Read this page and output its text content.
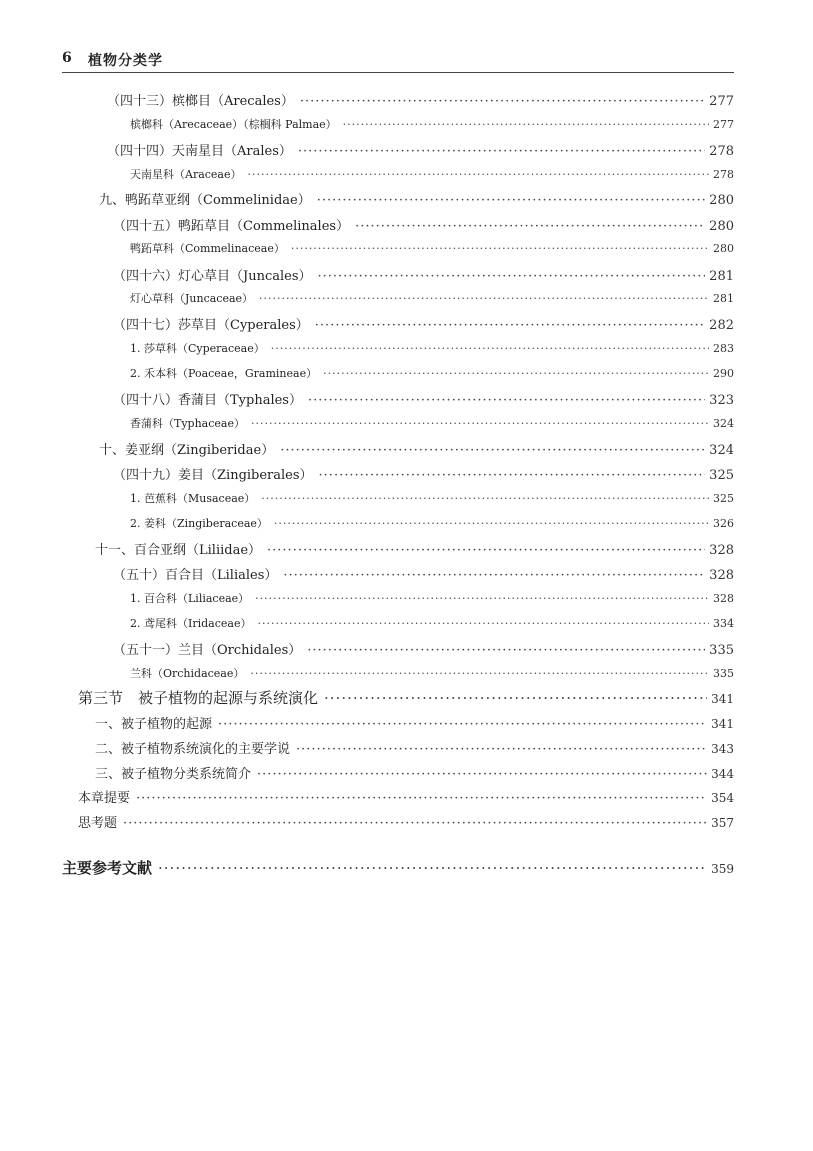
6 植物分类学
（四十三）槟榔目（Arecales） ·····	277
槟榔科（Arecaceae）（棕榈科 Palmae） ·····	277
（四十四）天南星目（Arales） ·····	278
天南星科（Araceae） ·····	278
九、鸭跖草亚纲（Commelinidae） ·····	280
（四十五）鸭跖草目（Commelinales） ·····	280
鸭跖草科（Commelinaceae） ·····	280
（四十六）灯心草目（Juncales） ·····	281
灯心草科（Juncaceae） ·····	281
（四十七）莎草目（Cyperales） ·····	282
1. 莎草科（Cyperaceae） ·····	283
2. 禾本科（Poaceae，Gramineae） ·····	290
（四十八）香蒲目（Typhales） ·····	323
香蒲科（Typhaceae） ·····	324
十、姜亚纲（Zingiberidae） ·····	324
（四十九）姜目（Zingiberales） ·····	325
1. 芭蕉科（Musaceae） ·····	325
2. 姜科（Zingiberaceae） ·····	326
十一、百合亚纲（Liliidae） ·····	328
（五十）百合目（Liliales） ·····	328
1. 百合科（Liliaceae） ·····	328
2. 鸢尾科（Iridaceae） ·····	334
（五十一）兰目（Orchidales） ·····	335
兰科（Orchidaceae） ·····	335
第三节　被子植物的起源与系统演化 ·····	341
一、被子植物的起源 ·····	341
二、被子植物系统演化的主要学说 ·····	343
三、被子植物分类系统简介 ·····	344
本章提要 ·····	354
思考题 ·····	357
主要参考文献 ·····	359
